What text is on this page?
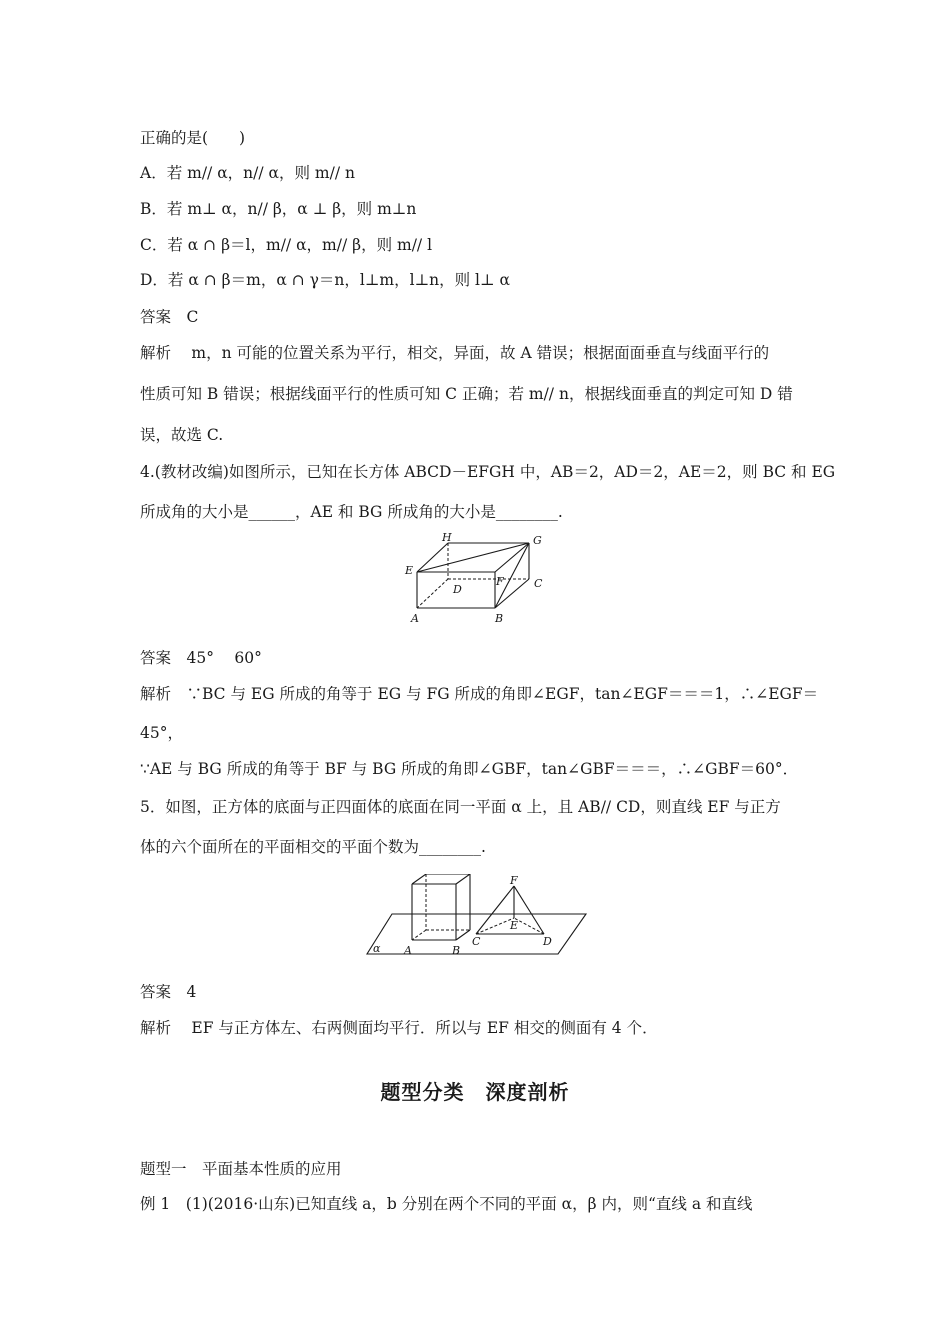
正确的是(　　)
A．若 m// α，n// α，则 m// n
B．若 m⊥ α，n// β，α ⊥ β，则 m⊥n
C．若 α ∩ β＝l，m// α，m// β，则 m// l
D．若 α ∩ β＝m，α ∩ γ＝n，l⊥m，l⊥n，则 l⊥ α
答案　C
解析　 m，n 可能的位置关系为平行，相交，异面，故 A 错误；根据面面垂直与线面平行的
性质可知 B 错误；根据线面平行的性质可知 C 正确；若 m// n，根据线面垂直的判定可知 D 错
误，故选 C.
4.(教材改编)如图所示，已知在长方体 ABCD－EFGH 中，AB＝2，AD＝2，AE＝2，则 BC 和 EG
所成角的大小是______，AE 和 BG 所成角的大小是________.
H	G
E
F
D	C
A	B
答案　45°　 60°
解析　∵BC 与 EG 所成的角等于 EG 与 FG 所成的角即∠EGF，tan∠EGF＝＝＝1，∴∠EGF＝
45°，
∵AE 与 BG 所成的角等于 BF 与 BG 所成的角即∠GBF，tan∠GBF＝＝＝，∴∠GBF＝60°．
5．如图，正方体的底面与正四面体的底面在同一平面 α 上，且 AB// CD，则直线 EF 与正方
体的六个面所在的平面相交的平面个数为________.
F
E
C	D
A	B
α
答案　4
解析　 EF 与正方体左、右两侧面均平行．所以与 EF 相交的侧面有 4 个．
题型分类　深度剖析
题型一　平面基本性质的应用
例 1　(1)(2016·山东)已知直线 a，b 分别在两个不同的平面 α，β 内，则“直线 a 和直线
